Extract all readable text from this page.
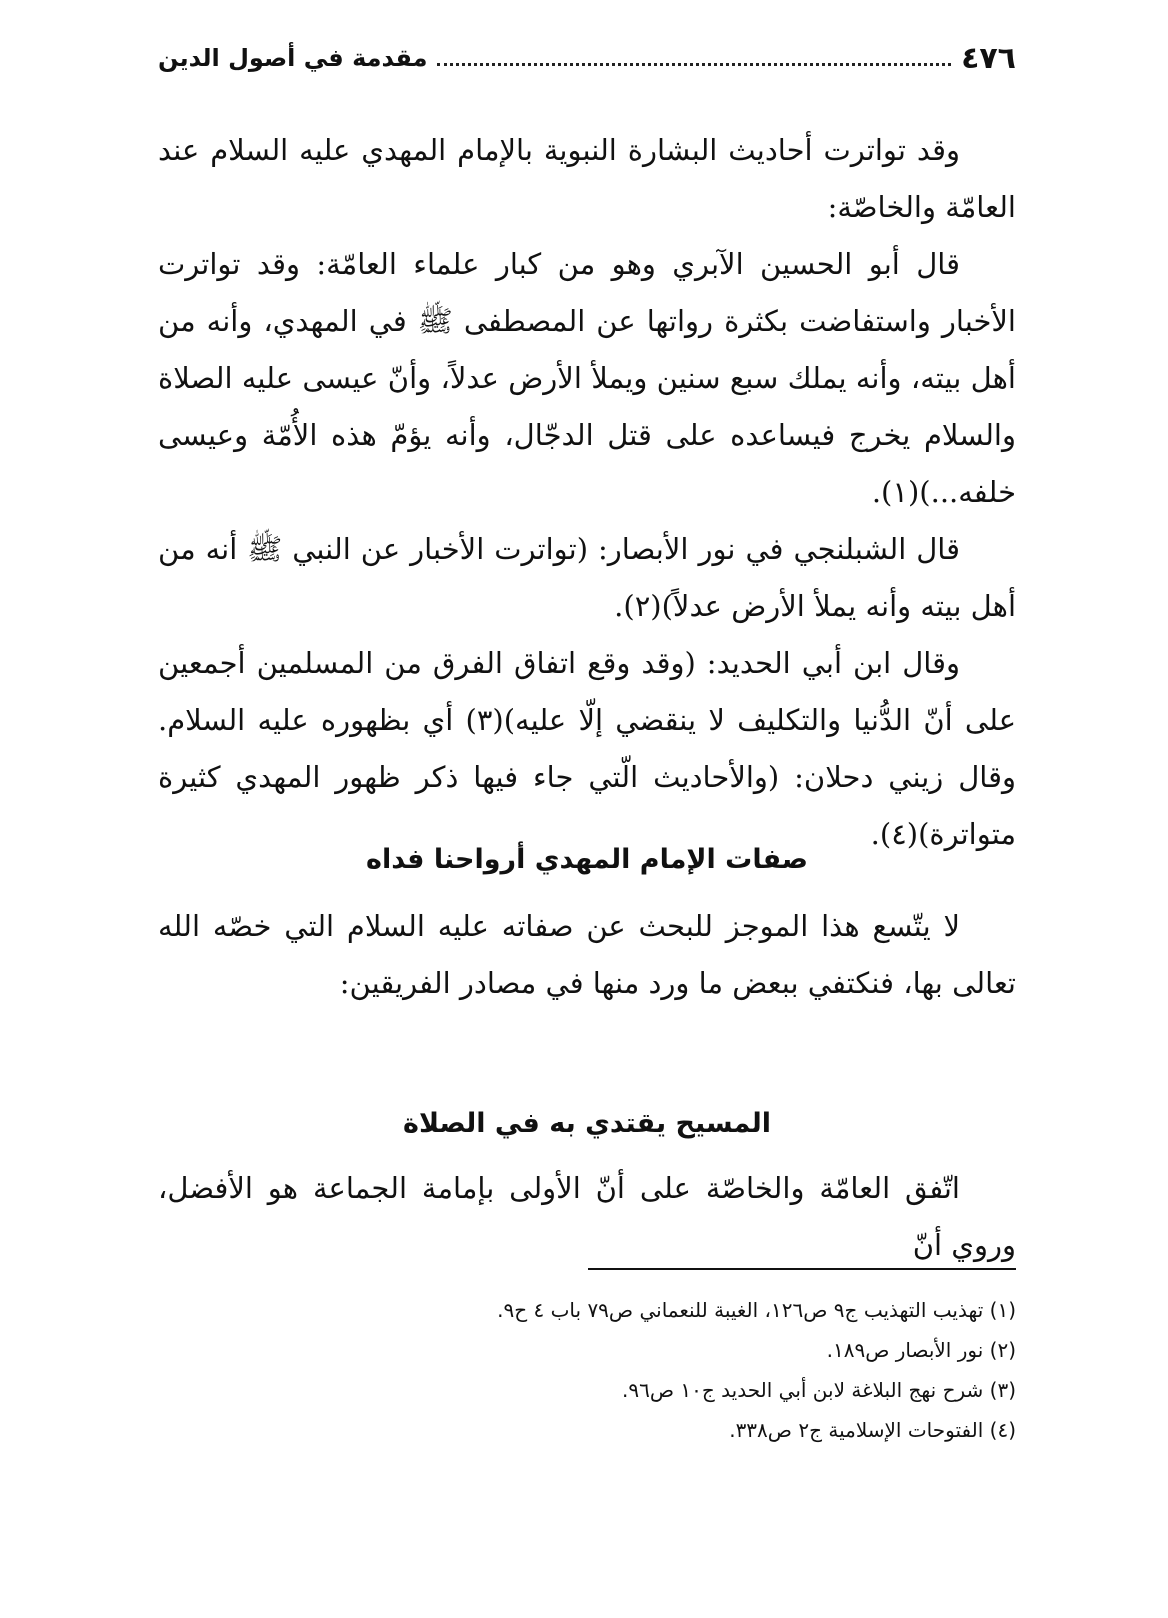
٤٧٦
مقدمة في أصول الدين

وقد تواترت أحاديث البشارة النبوية بالإمام المهدي عليه السلام عند العامّة والخاصّة:

قال أبو الحسين الآبري وهو من كبار علماء العامّة: وقد تواترت الأخبار واستفاضت بكثرة رواتها عن المصطفى ﷺ في المهدي، وأنه من أهل بيته، وأنه يملك سبع سنين ويملأ الأرض عدلاً، وأنّ عيسى عليه الصلاة والسلام يخرج فيساعده على قتل الدجّال، وأنه يؤمّ هذه الأُمّة وعيسى خلفه...)(١).

قال الشبلنجي في نور الأبصار: (تواترت الأخبار عن النبي ﷺ أنه من أهل بيته وأنه يملأ الأرض عدلاً)(٢).

وقال ابن أبي الحديد: (وقد وقع اتفاق الفرق من المسلمين أجمعين على أنّ الدُّنيا والتكليف لا ينقضي إلّا عليه)(٣) أي بظهوره عليه السلام. وقال زيني دحلان: (والأحاديث الّتي جاء فيها ذكر ظهور المهدي كثيرة متواترة)(٤).

صفات الإمام المهدي أرواحنا فداه

لا يتّسع هذا الموجز للبحث عن صفاته عليه السلام التي خصّه الله تعالى بها، فنكتفي ببعض ما ورد منها في مصادر الفريقين:

المسيح يقتدي به في الصلاة

اتّفق العامّة والخاصّة على أنّ الأولى بإمامة الجماعة هو الأفضل، وروي أنّ

(١) تهذيب التهذيب ج٩ ص١٢٦، الغيبة للنعماني ص٧٩ باب ٤ ح٩.

(٢) نور الأبصار ص١٨٩.

(٣) شرح نهج البلاغة لابن أبي الحديد ج١٠ ص٩٦.

(٤) الفتوحات الإسلامية ج٢ ص٣٣٨.
